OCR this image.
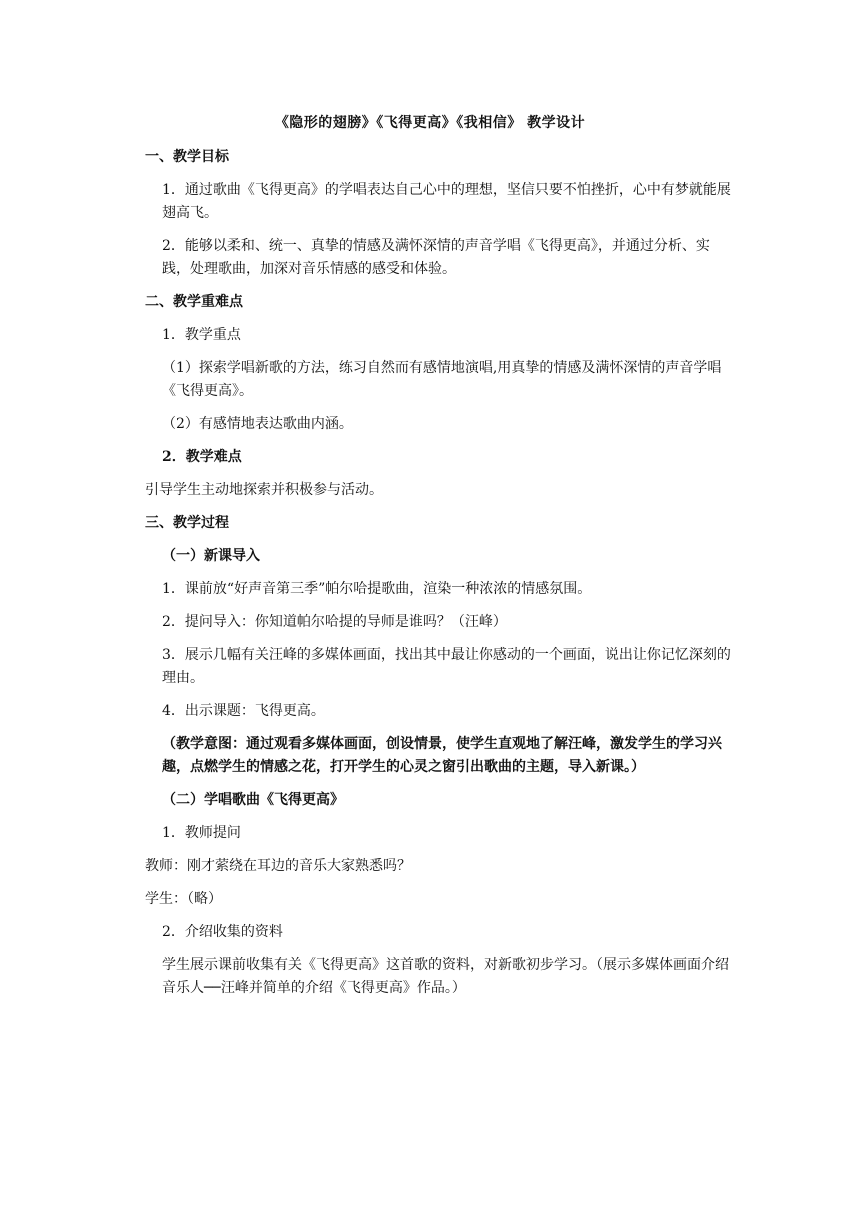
《隐形的翅膀》《飞得更高》《我相信》 教学设计
一、教学目标
1．通过歌曲《飞得更高》的学唱表达自己心中的理想，坚信只要不怕挫折，心中有梦就能展翅高飞。
2．能够以柔和、统一、真挚的情感及满怀深情的声音学唱《飞得更高》，并通过分析、实践，处理歌曲，加深对音乐情感的感受和体验。
二、教学重难点
1．教学重点
（1）探索学唱新歌的方法，练习自然而有感情地演唱,用真挚的情感及满怀深情的声音学唱《飞得更高》。
（2）有感情地表达歌曲内涵。
2．教学难点
引导学生主动地探索并积极参与活动。
三、教学过程
（一）新课导入
1．课前放“好声音第三季”帕尔哈提歌曲，渲染一种浓浓的情感氛围。
2．提问导入：你知道帕尔哈提的导师是谁吗？（汪峰）
3．展示几幅有关汪峰的多媒体画面，找出其中最让你感动的一个画面，说出让你记忆深刻的理由。
4．出示课题：飞得更高。
（教学意图：通过观看多媒体画面，创设情景，使学生直观地了解汪峰，激发学生的学习兴趣，点燃学生的情感之花，打开学生的心灵之窗引出歌曲的主题，导入新课。）
（二）学唱歌曲《飞得更高》
1．教师提问
教师：刚才萦绕在耳边的音乐大家熟悉吗？
学生：（略）
2．介绍收集的资料
学生展示课前收集有关《飞得更高》这首歌的资料，对新歌初步学习。（展示多媒体画面介绍音乐人──汪峰并简单的介绍《飞得更高》作品。）
